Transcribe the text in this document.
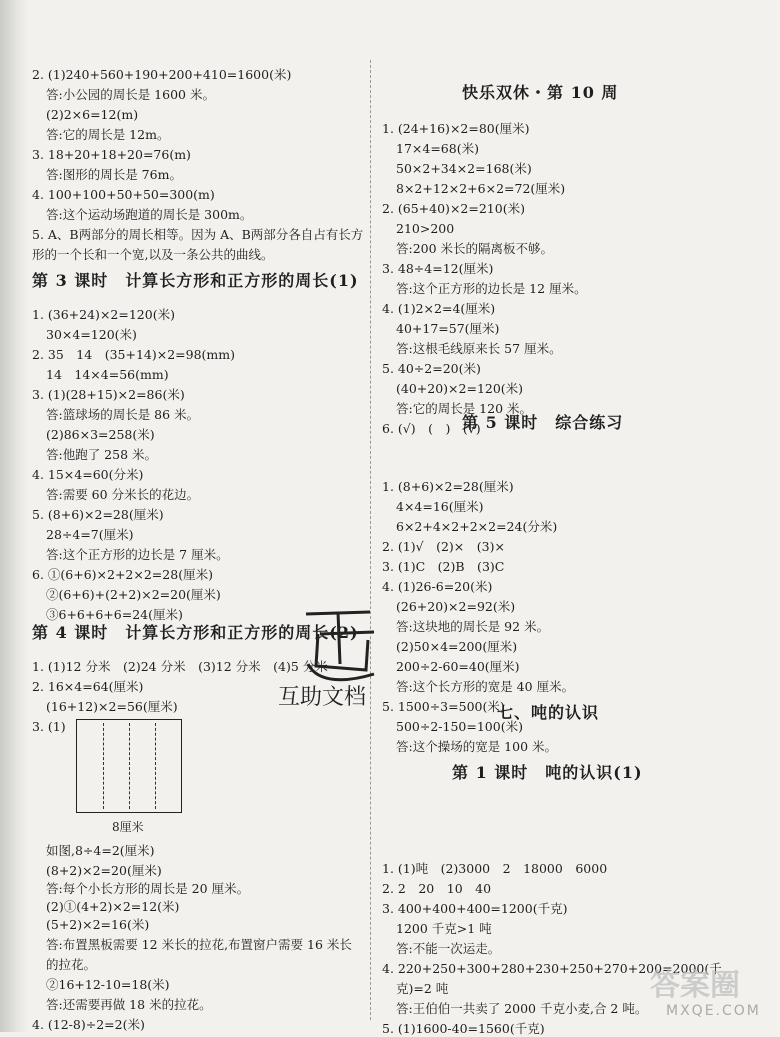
2. (1)240+560+190+200+410=1600(米)
答:小公园的周长是 1600 米。
(2)2×6=12(m)
答:它的周长是 12m。
3. 18+20+18+20=76(m)
答:图形的周长是 76m。
4. 100+100+50+50=300(m)
答:这个运动场跑道的周长是 300m。
5. A、B两部分的周长相等。因为 A、B两部分各自占有长方
形的一个长和一个宽,以及一条公共的曲线。
1. (36+24)×2=120(米)
30×4=120(米)
2. 35　14　(35+14)×2=98(mm)
14　14×4=56(mm)
3. (1)(28+15)×2=86(米)
答:篮球场的周长是 86 米。
(2)86×3=258(米)
答:他跑了 258 米。
4. 15×4=60(分米)
答:需要 60 分米长的花边。
5. (8+6)×2=28(厘米)
28÷4=7(厘米)
答:这个正方形的边长是 7 厘米。
6. ①(6+6)×2+2×2=28(厘米)
②(6+6)+(2+2)×2=20(厘米)
③6+6+6+6=24(厘米)
1. (1)12 分米　(2)24 分米　(3)12 分米　(4)5 分米
2. 16×4=64(厘米)
(16+12)×2=56(厘米)
3. (1)
如图,8÷4=2(厘米)
(8+2)×2=20(厘米)
答:每个小长方形的周长是 20 厘米。
(2)①(4+2)×2=12(米)
(5+2)×2=16(米)
答:布置黑板需要 12 米长的拉花,布置窗户需要 16 米长
的拉花。
②16+12-10=18(米)
答:还需要再做 18 米的拉花。
4. (12-8)÷2=2(米)
第 3 课时　计算长方形和正方形的周长(1)
第 4 课时　计算长方形和正方形的周长(2)
1. (24+16)×2=80(厘米)
17×4=68(米)
50×2+34×2=168(米)
8×2+12×2+6×2=72(厘米)
2. (65+40)×2=210(米)
210>200
答:200 米长的隔离板不够。
3. 48÷4=12(厘米)
答:这个正方形的边长是 12 厘米。
4. (1)2×2=4(厘米)
40+17=57(厘米)
答:这根毛线原来长 57 厘米。
5. 40÷2=20(米)
(40+20)×2=120(米)
答:它的周长是 120 米。
6. (√)　(　)　(√)
1. (8+6)×2=28(厘米)
4×4=16(厘米)
6×2+4×2+2×2=24(分米)
2. (1)√　(2)×　(3)×
3. (1)C　(2)B　(3)C
4. (1)26-6=20(米)
(26+20)×2=92(米)
答:这块地的周长是 92 米。
(2)50×4=200(厘米)
200÷2-60=40(厘米)
答:这个长方形的宽是 40 厘米。
5. 1500÷3=500(米)
500÷2-150=100(米)
答:这个操场的宽是 100 米。
1. (1)吨　(2)3000　2　18000　6000
2. 2　20　10　40
3. 400+400+400=1200(千克)
1200 千克>1 吨
答:不能一次运走。
4. 220+250+300+280+230+250+270+200=2000(千
克)=2 吨
答:王伯伯一共卖了 2000 千克小麦,合 2 吨。
5. (1)1600-40=1560(千克)
快乐双休・第 10 周
第 5 课时　综合练习
七、吨的认识
第 1 课时　吨的认识(1)
8厘米
互助文档
答案圈
MXQE.COM
